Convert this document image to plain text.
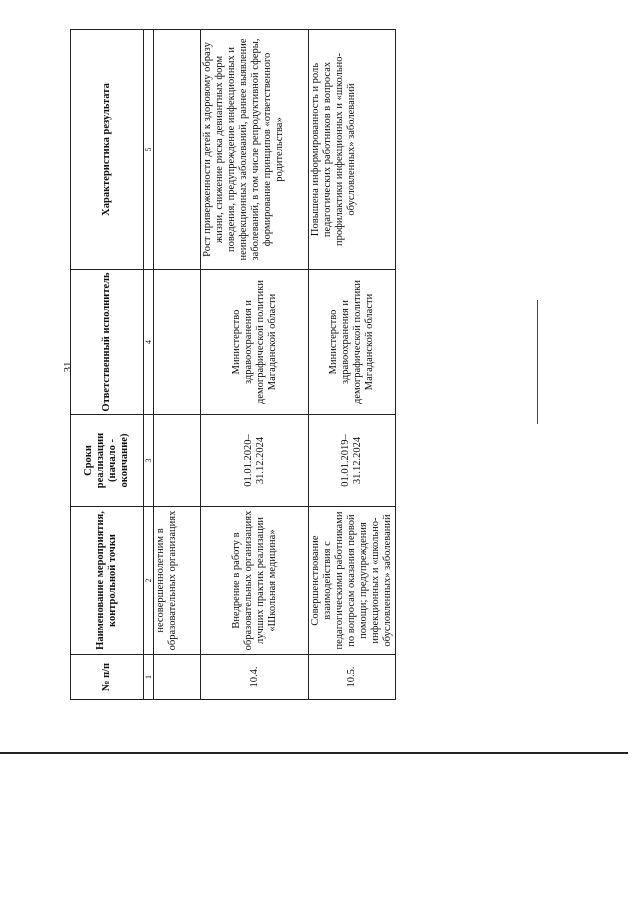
31
№ п/п	Наименование мероприятия, контрольной точки	Сроки реализации (начало - окончание)	Ответственный исполнитель	Характеристика результата
1	2	3	4	5
	несовершеннолетним в образовательных организациях			
10.4.	Внедрение в работу в образовательных организациях лучших практик реализации «Школьная медицина»	01.01.2020– 31.12.2024	Министерство здравоохранения и демографической политики Магаданской области	Рост приверженности детей к здоровому образу жизни, снижение риска девиантных форм поведения, предупреждение инфекционных и неинфекционных заболеваний, раннее выявление заболеваний, в том числе репродуктивной сферы, формирование принципов «ответственного родительства»
10.5.	Совершенствование взаимодействия с педагогическими работниками по вопросам оказания первой помощи; предупреждения инфекционных и «школьно-обусловленных» заболеваний	01.01.2019– 31.12.2024	Министерство здравоохранения и демографической политики Магаданской области	Повышена информированность и роль педагогических работников в вопросах профилактики инфекционных и «школьно-обусловленных» заболеваний
